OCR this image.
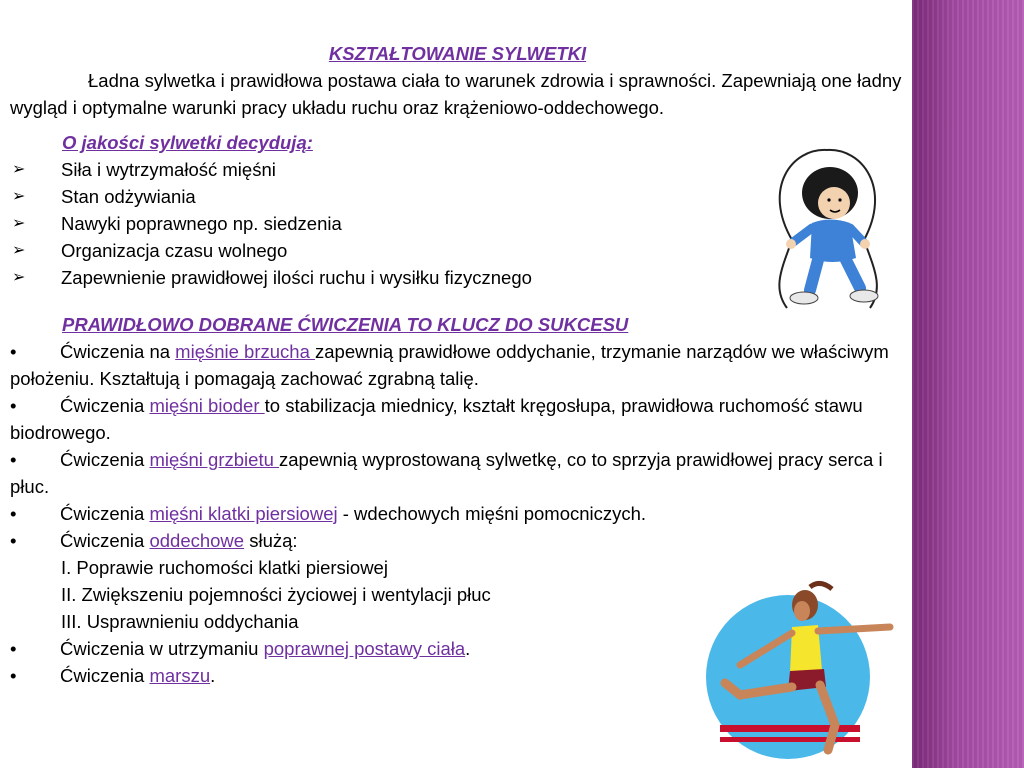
KSZTAŁTOWANIE SYLWETKI

Ładna sylwetka i prawidłowa postawa ciała to warunek zdrowia i sprawności. Zapewniają one ładny wygląd i optymalne warunki pracy układu ruchu oraz krążeniowo-oddechowego.

O jakości sylwetki decydują:

➢ Siła i wytrzymałość mięśni
➢ Stan odżywiania
➢ Nawyki poprawnego np. siedzenia
➢ Organizacja czasu wolnego
➢ Zapewnienie prawidłowej ilości ruchu i wysiłku fizycznego

PRAWIDŁOWO DOBRANE ĆWICZENIA TO KLUCZ DO SUKCESU

• Ćwiczenia na mięśnie brzucha zapewnią prawidłowe oddychanie, trzymanie narządów we właściwym położeniu. Kształtują i pomagają zachować zgrabną talię.
• Ćwiczenia mięśni bioder to stabilizacja miednicy, kształt kręgosłupa, prawidłowa ruchomość stawu biodrowego.
• Ćwiczenia mięśni grzbietu zapewnią wyprostowaną sylwetkę, co to sprzyja prawidłowej pracy serca i płuc.
• Ćwiczenia mięśni klatki piersiowej - wdechowych mięśni pomocniczych.
• Ćwiczenia oddechowe służą:
I. Poprawie ruchomości klatki piersiowej
II. Zwiększeniu pojemności życiowej i wentylacji płuc
III. Usprawnieniu oddychania
• Ćwiczenia w utrzymaniu poprawnej postawy ciała.
• Ćwiczenia marszu.
